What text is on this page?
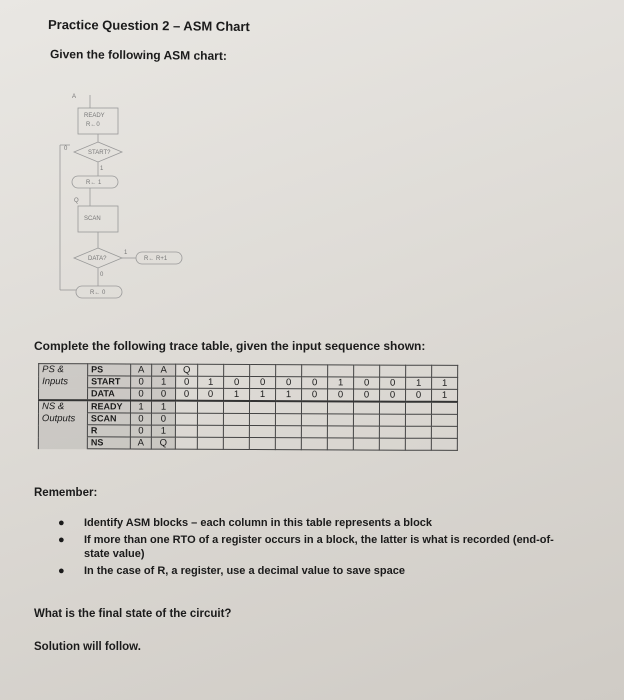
Practice Question 2 – ASM Chart
Given the following ASM chart:
A
READY
R←0
START?
0
1
R← 1
Q
SCAN
DATA?
1
0
R← R+1
R← 0
Complete the following trace table, given the input sequence shown:
PS &	PS	A	A	Q										
Inputs	START	0	1	0	1	0	0	0	0	1	0	0	1	1
	DATA	0	0	0	0	1	1	1	0	0	0	0	0	1
NS &	READY	1	1											
Outputs	SCAN	0	0											
	R	0	1											
	NS	A	Q											
Remember:
● Identify ASM blocks – each column in this table represents a block
● If more than one RTO of a register occurs in a block, the latter is what is recorded (end-of-state value)
● In the case of R, a register, use a decimal value to save space
What is the final state of the circuit?
Solution will follow.
